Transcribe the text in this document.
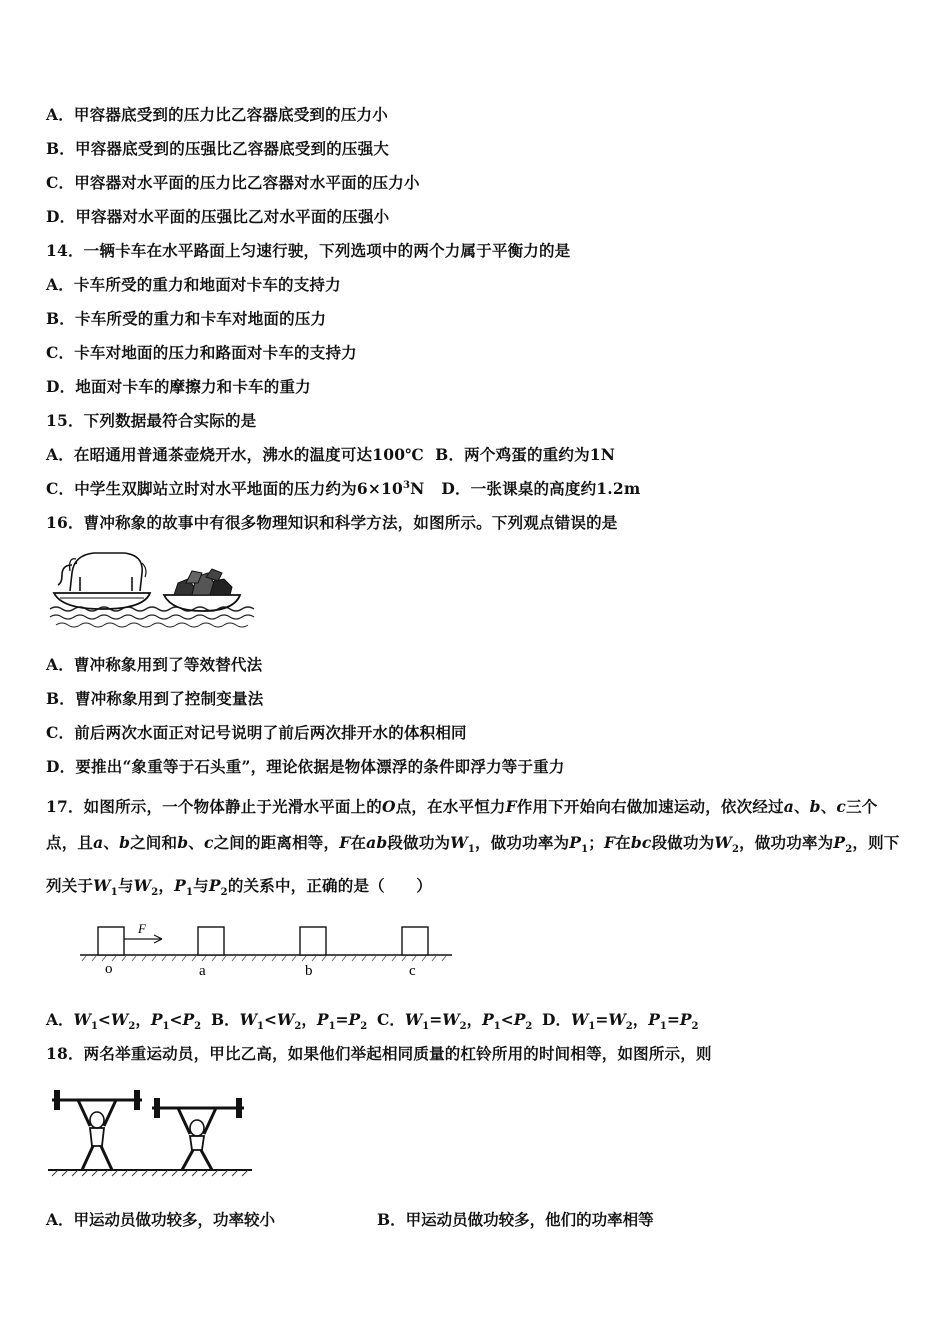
A．甲容器底受到的压力比乙容器底受到的压力小
B．甲容器底受到的压强比乙容器底受到的压强大
C．甲容器对水平面的压力比乙容器对水平面的压力小
D．甲容器对水平面的压强比乙对水平面的压强小
14．一辆卡车在水平路面上匀速行驶，下列选项中的两个力属于平衡力的是
A．卡车所受的重力和地面对卡车的支持力
B．卡车所受的重力和卡车对地面的压力
C．卡车对地面的压力和路面对卡车的支持力
D．地面对卡车的摩擦力和卡车的重力
15．下列数据最符合实际的是
A．在昭通用普通茶壶烧开水，沸水的温度可达100℃ B．两个鸡蛋的重约为1N
C．中学生双脚站立时对水平地面的压力约为$6\times 10^3N$ D．一张课桌的高度约1.2m
16．曹冲称象的故事中有很多物理知识和科学方法，如图所示。下列观点错误的是
A．曹冲称象用到了等效替代法
B．曹冲称象用到了控制变量法
C．前后两次水面正对记号说明了前后两次排开水的体积相同
D．要推出“象重等于石头重”，理论依据是物体漂浮的条件即浮力等于重力
17．如图所示，一个物体静止于光滑水平面上的O点，在水平恒力F作用下开始向右做加速运动，依次经过a、b、c三个点，且a、b之间和b、c之间的距离相等，F在ab段做功为$W_1$，做功功率为$P_1$；F在bc段做功为$W_2$，做功功率为$P_2$，则下列关于$W_1$与$W_2$，$P_1$与$P_2$的关系中，正确的是（　　）
F
o	a	b	c
A．$W_1<W_2$，$P_1<P_2$ B．$W_1<W_2$，$P_1=P_2$ C．$W_1=W_2$，$P_1<P_2$ D．$W_1=W_2$，$P_1=P_2$
18．两名举重运动员，甲比乙高，如果他们举起相同质量的杠铃所用的时间相等，如图所示，则
A．甲运动员做功较多，功率较小	B．甲运动员做功较多，他们的功率相等
